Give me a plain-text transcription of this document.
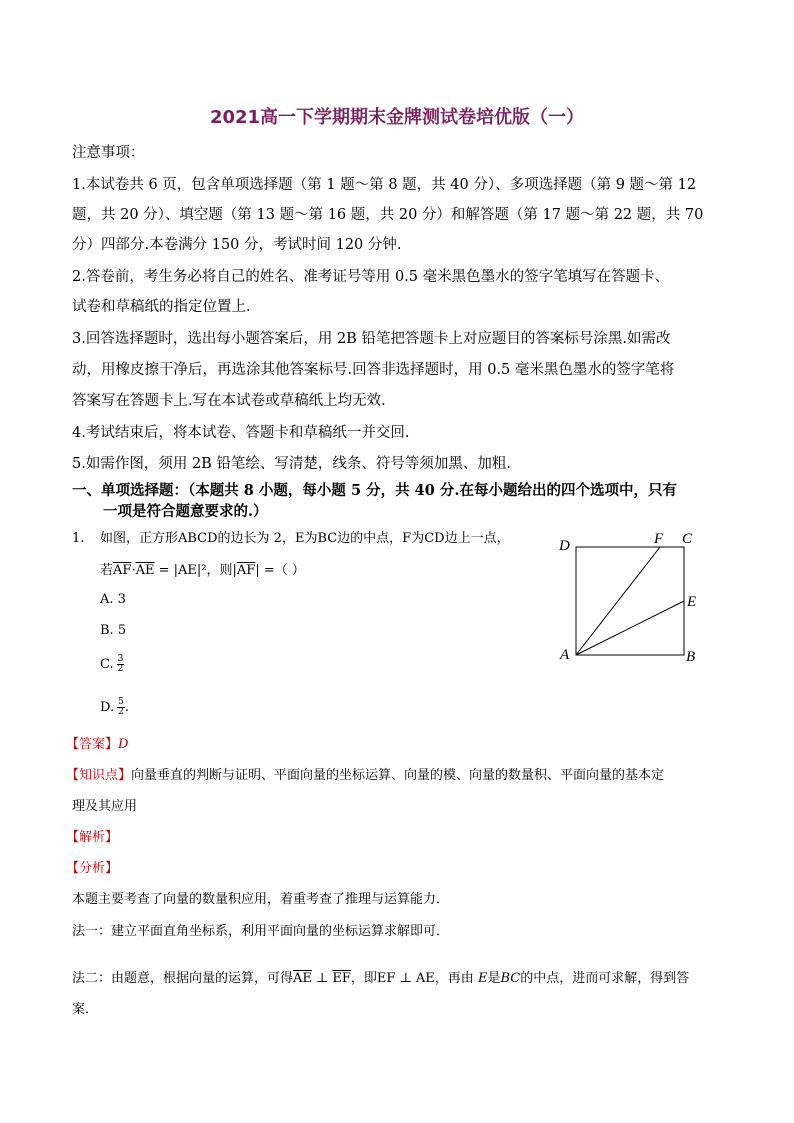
2021高一下学期期末金牌测试卷培优版（一）
注意事项：
1.本试卷共 6 页，包含单项选择题（第 1 题～第 8 题，共 40 分）、多项选择题（第 9 题～第 12
题，共 20 分）、填空题（第 13 题～第 16 题，共 20 分）和解答题（第 17 题～第 22 题，共 70
分）四部分.本卷满分 150 分，考试时间 120 分钟.
2.答卷前，考生务必将自己的姓名、准考证号等用 0.5 毫米黑色墨水的签字笔填写在答题卡、
试卷和草稿纸的指定位置上.
3.回答选择题时，选出每小题答案后，用 2B 铅笔把答题卡上对应题目的答案标号涂黑.如需改
动，用橡皮擦干净后，再选涂其他答案标号.回答非选择题时，用 0.5 毫米黑色墨水的签字笔将
答案写在答题卡上.写在本试卷或草稿纸上均无效.
4.考试结束后，将本试卷、答题卡和草稿纸一并交回.
5.如需作图，须用 2B 铅笔绘、写清楚，线条、符号等须加黑、加粗.
一、单项选择题：（本题共 8 小题，每小题 5 分，共 40 分.在每小题给出的四个选项中，只有
一项是符合题意要求的.）
1. 如图，正方形ABCD的边长为 2，E为BC边的中点，F为CD边上一点，
若$\overline{AF}\cdot\overline{AE} = |AE|^2$，则$|\overline{AF}|$ =（ ）
A. 3
B. 5
C. $\frac{3}{2}$
D. $\frac{5}{2}$ .
D	F C
E
A	B
【答案】D
【知识点】向量垂直的判断与证明、平面向量的坐标运算、向量的模、向量的数量积、平面向量的基本定
理及其应用
【解析】
【分析】
本题主要考查了向量的数量积应用，着重考查了推理与运算能力．
法一：建立平面直角坐标系，利用平面向量的坐标运算求解即可．
法二：由题意，根据向量的运算，可得$\overline{AE}$ ⊥ $\overline{EF}$，即EF ⊥ AE，再由 E是BC的中点，进而可求解，得到答
案．
